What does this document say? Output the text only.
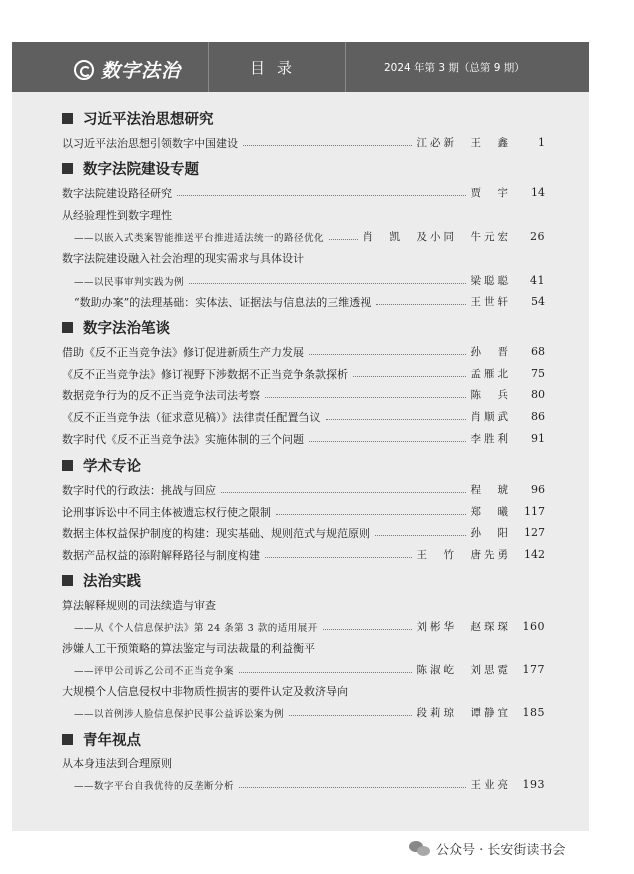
数字法治	目录	2024 年第 3 期（总第 9 期）
习近平法治思想研究
数字法院建设专题
数字法治笔谈
学术专论
法治实践
青年视点
以习近平法治思想引领数字中国建设	江必新　王　鑫	1
数字法院建设路径研究	贾　宇	14
从经验理性到数字理性
——以嵌入式类案智能推送平台推进适法统一的路径优化	肖　凯　及小同　牛元宏	26
数字法院建设融入社会治理的现实需求与具体设计
——以民事审判实践为例	梁聪聪	41
“数助办案”的法理基础：实体法、证据法与信息法的三维透视	王世轩	54
借助《反不正当竞争法》修订促进新质生产力发展	孙　晋	68
《反不正当竞争法》修订视野下涉数据不正当竞争条款探析	孟雁北	75
数据竞争行为的反不正当竞争法司法考察	陈　兵	80
《反不正当竞争法（征求意见稿）》法律责任配置刍议	肖顺武	86
数字时代《反不正当竞争法》实施体制的三个问题	李胜利	91
数字时代的行政法：挑战与回应	程　琥	96
论刑事诉讼中不同主体被遗忘权行使之限制	郑　曦	117
数据主体权益保护制度的构建：现实基础、规则范式与规范原则	孙　阳	127
数据产品权益的添附解释路径与制度构建	王　竹　唐先勇	142
算法解释规则的司法续造与审查
——从《个人信息保护法》第 24 条第 3 款的适用展开	刘彬华　赵琛琛	160
涉嫌人工干预策略的算法鉴定与司法裁量的利益衡平
——评甲公司诉乙公司不正当竞争案	陈淑屹　刘思霓	177
大规模个人信息侵权中非物质性损害的要件认定及救济导向
——以首例涉人脸信息保护民事公益诉讼案为例	段莉琼　谭静宜	185
从本身违法到合理原则
——数字平台自我优待的反垄断分析	王业亮	193
公众号 · 长安街读书会
